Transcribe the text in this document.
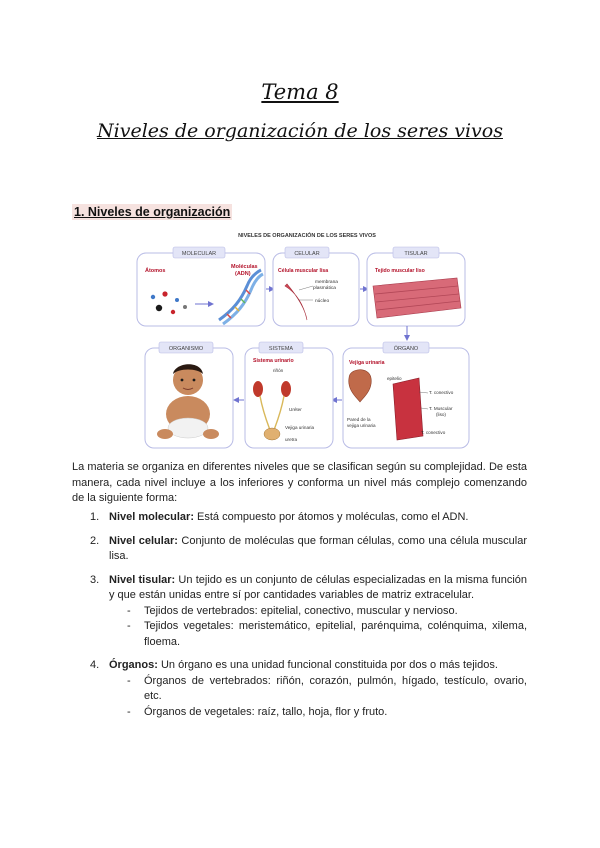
Tema 8
Niveles de organización de los seres vivos
1. Niveles de organización
NIVELES DE ORGANIZACIÓN DE LOS SERES VIVOS
MOLECULAR
Átomos
Moléculas
(ADN)
CELULAR
Célula muscular lisa
membrana
plasmática
núcleo
TISULAR
Tejido muscular liso
ÓRGANO
Vejiga urinaria
epitelio
T. conectivo
T. Muscular
(liso)
Pared de la
vejiga urinaria
T. conectivo
SISTEMA
Sistema urinario
riñón
Uréter
Vejiga urinaria
uretra
ORGANISMO

La materia se organiza en diferentes niveles que se clasifican según su complejidad. De esta manera, cada nivel incluye a los inferiores y conforma un nivel más complejo comenzando de la siguiente forma:

1. Nivel molecular: Está compuesto por átomos y moléculas, como el ADN.
2. Nivel celular: Conjunto de moléculas que forman células, como una célula muscular lisa.
3. Nivel tisular: Un tejido es un conjunto de células especializadas en la misma función y que están unidas entre sí por cantidades variables de matriz extracelular.
- Tejidos de vertebrados: epitelial, conectivo, muscular y nervioso.
- Tejidos vegetales: meristemático, epitelial, parénquima, colénquima, xilema, floema.
4. Órganos: Un órgano es una unidad funcional constituida por dos o más tejidos.
- Órganos de vertebrados: riñón, corazón, pulmón, hígado, testículo, ovario, etc.
- Órganos de vegetales: raíz, tallo, hoja, flor y fruto.
